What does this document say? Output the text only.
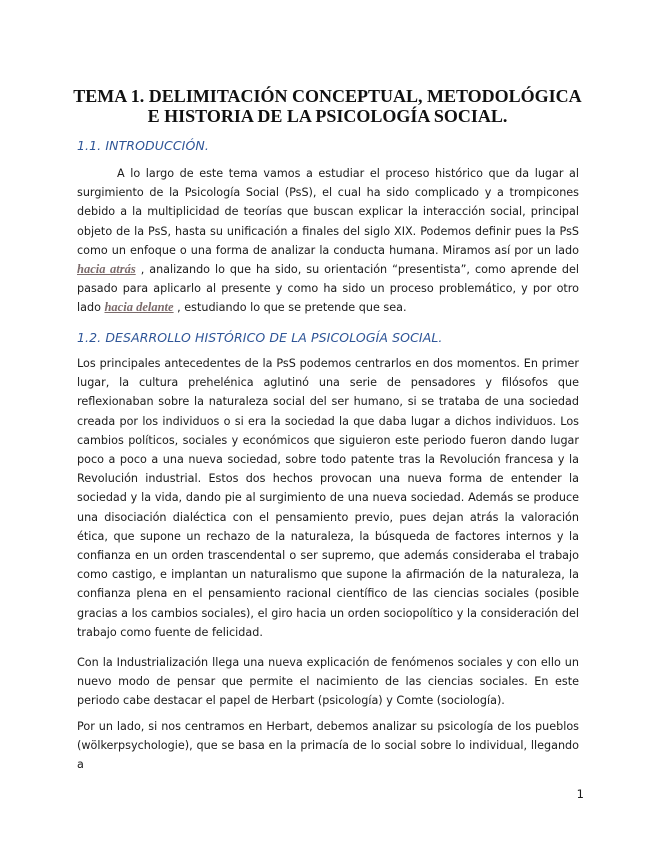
TEMA 1. DELIMITACIÓN CONCEPTUAL, METODOLÓGICA
E HISTORIA DE LA PSICOLOGÍA SOCIAL.
1.1. INTRODUCCIÓN.

A lo largo de este tema vamos a estudiar el proceso histórico que da lugar al surgimiento de la Psicología Social (PsS), el cual ha sido complicado y a trompicones debido a la multiplicidad de teorías que buscan explicar la interacción social, principal objeto de la PsS, hasta su unificación a finales del siglo XIX. Podemos definir pues la PsS como un enfoque o una forma de analizar la conducta humana. Miramos así por un lado hacia atrás , analizando lo que ha sido, su orientación “presentista”, como aprende del pasado para aplicarlo al presente y como ha sido un proceso problemático, y por otro lado hacia delante , estudiando lo que se pretende que sea.

1.2. DESARROLLO HISTÓRICO DE LA PSICOLOGÍA SOCIAL.

Los principales antecedentes de la PsS podemos centrarlos en dos momentos. En primer lugar, la cultura prehelénica aglutinó una serie de pensadores y filósofos que reflexionaban sobre la naturaleza social del ser humano, si se trataba de una sociedad creada por los individuos o si era la sociedad la que daba lugar a dichos individuos. Los cambios políticos, sociales y económicos que siguieron este periodo fueron dando lugar poco a poco a una nueva sociedad, sobre todo patente tras la Revolución francesa y la Revolución industrial. Estos dos hechos provocan una nueva forma de entender la sociedad y la vida, dando pie al surgimiento de una nueva sociedad. Además se produce una disociación dialéctica con el pensamiento previo, pues dejan atrás la valoración ética, que supone un rechazo de la naturaleza, la búsqueda de factores internos y la confianza en un orden trascendental o ser supremo, que además consideraba el trabajo como castigo, e implantan un naturalismo que supone la afirmación de la naturaleza, la confianza plena en el pensamiento racional científico de las ciencias sociales (posible gracias a los cambios sociales), el giro hacia un orden sociopolítico y la consideración del trabajo como fuente de felicidad.

Con la Industrialización llega una nueva explicación de fenómenos sociales y con ello un nuevo modo de pensar que permite el nacimiento de las ciencias sociales. En este periodo cabe destacar el papel de Herbart (psicología) y Comte (sociología).

Por un lado, si nos centramos en Herbart, debemos analizar su psicología de los pueblos (wölkerpsychologie), que se basa en la primacía de lo social sobre lo individual, llegando a

1
